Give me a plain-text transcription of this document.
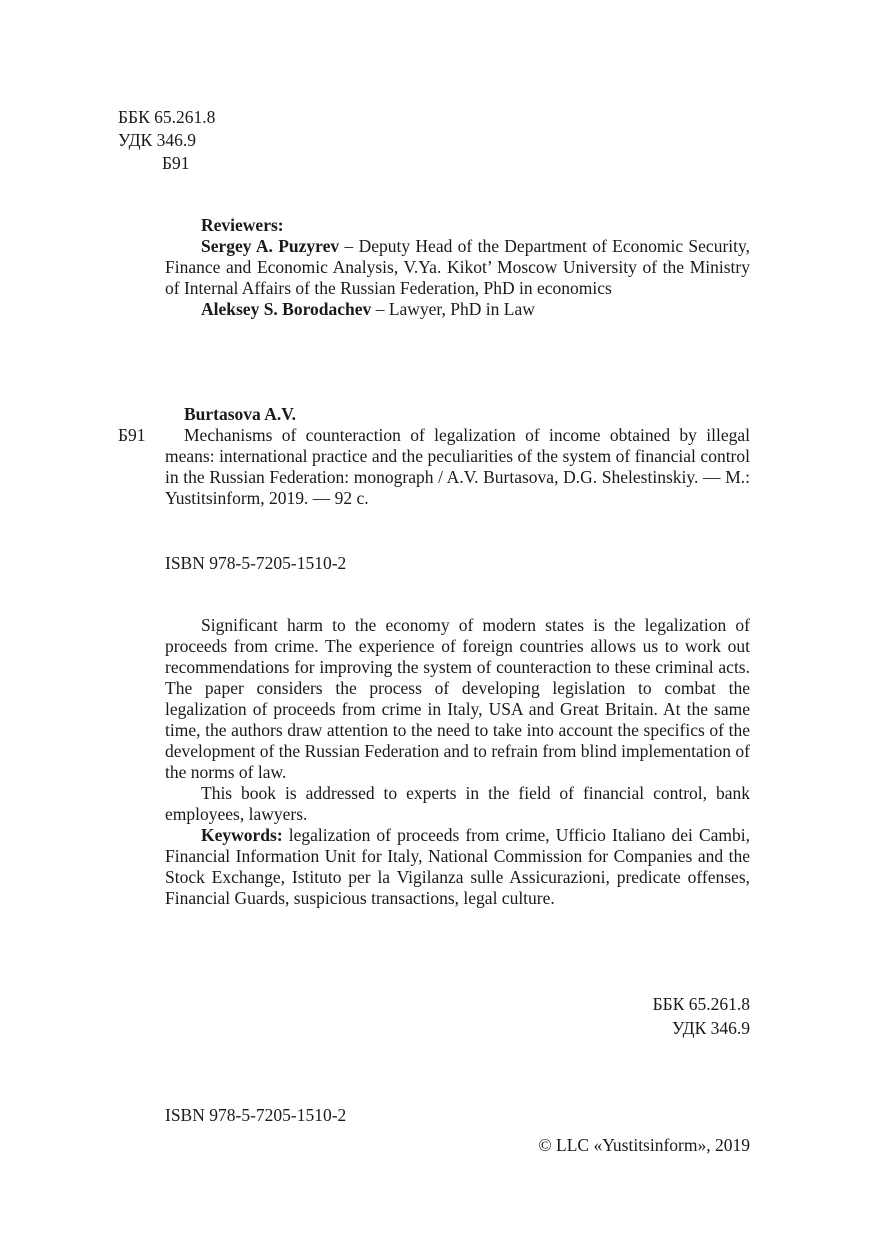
ББК 65.261.8
УДК 346.9
Б91
Reviewers:

Sergey A. Puzyrev – Deputy Head of the Department of Economic Security, Finance and Economic Analysis, V.Ya. Kikot’ Moscow University of the Ministry of Internal Affairs of the Russian Federation, PhD in economics

Aleksey S. Borodachev – Lawyer, PhD in Law

Burtasova A.V.
Б91	Mechanisms of counteraction of legalization of income obtained by illegal means: international practice and the peculiarities of the system of financial control in the Russian Federation: monograph / A.V. Burtasova, D.G. Shelestinskiy. — M.: Yustitsinform, 2019. — 92 с.
ISBN 978-5-7205-1510-2

Significant harm to the economy of modern states is the legalization of proceeds from crime. The experience of foreign countries allows us to work out recommendations for improving the system of counteraction to these criminal acts. The paper considers the process of developing legislation to combat the legalization of proceeds from crime in Italy, USA and Great Britain. At the same time, the authors draw attention to the need to take into account the specifics of the development of the Russian Federation and to refrain from blind implementation of the norms of law.

This book is addressed to experts in the field of financial control, bank employees, lawyers.

Keywords: legalization of proceeds from crime, Ufficio Italiano dei Cambi, Financial Information Unit for Italy, National Commission for Companies and the Stock Exchange, Istituto per la Vigilanza sulle Assicurazioni, predicate offenses, Financial Guards, suspicious transactions, legal culture.

ББК 65.261.8
УДК 346.9
ISBN 978-5-7205-1510-2
© LLC «Yustitsinform», 2019
